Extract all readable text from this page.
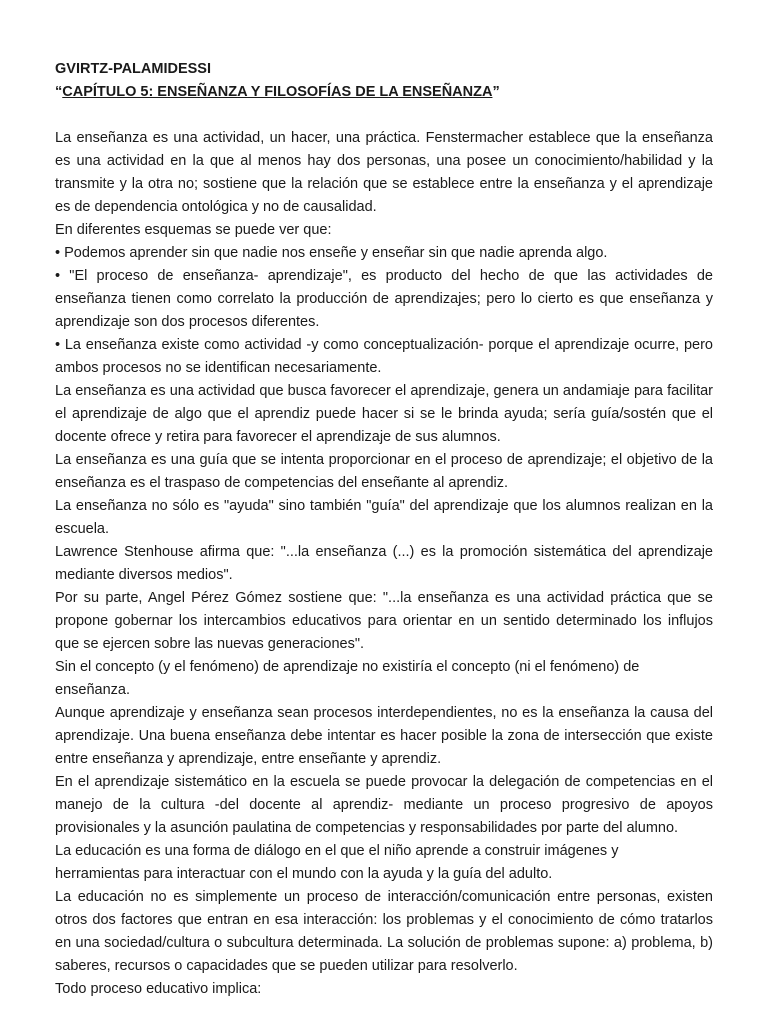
GVIRTZ-PALAMIDESSI

“CAPÍTULO 5: ENSEÑANZA Y FILOSOFÍAS DE LA ENSEÑANZA”

La enseñanza es una actividad, un hacer, una práctica. Fenstermacher establece que la enseñanza es una actividad en la que al menos hay dos personas, una posee un conocimiento/habilidad y la transmite y la otra no; sostiene que la relación que se establece entre la enseñanza y el aprendizaje es de dependencia ontológica y no de causalidad.

En diferentes esquemas se puede ver que:

• Podemos aprender sin que nadie nos enseñe y enseñar sin que nadie aprenda algo.

• "El proceso de enseñanza- aprendizaje", es producto del hecho de que las actividades de enseñanza tienen como correlato la producción de aprendizajes; pero lo cierto es que enseñanza y aprendizaje son dos procesos diferentes.

• La enseñanza existe como actividad -y como conceptualización- porque el aprendizaje ocurre, pero ambos procesos no se identifican necesariamente.

La enseñanza es una actividad que busca favorecer el aprendizaje, genera un andamiaje para facilitar el aprendizaje de algo que el aprendiz puede hacer si se le brinda ayuda; sería guía/sostén que el docente ofrece y retira para favorecer el aprendizaje de sus alumnos.

La enseñanza es una guía que se intenta proporcionar en el proceso de aprendizaje; el objetivo de la enseñanza es el traspaso de competencias del enseñante al aprendiz.

La enseñanza no sólo es "ayuda" sino también "guía" del aprendizaje que los alumnos realizan en la escuela.

Lawrence Stenhouse afirma que: "...la enseñanza (...) es la promoción sistemática del aprendizaje mediante diversos medios".

Por su parte, Angel Pérez Gómez sostiene que: "...la enseñanza es una actividad práctica que se propone gobernar los intercambios educativos para orientar en un sentido determinado los influjos que se ejercen sobre las nuevas generaciones".

Sin el concepto (y el fenómeno) de aprendizaje no existiría el concepto (ni el fenómeno) de enseñanza.

Aunque aprendizaje y enseñanza sean procesos interdependientes, no es la enseñanza la causa del aprendizaje. Una buena enseñanza debe intentar es hacer posible la zona de intersección que existe entre enseñanza y aprendizaje, entre enseñante y aprendiz.

En el aprendizaje sistemático en la escuela se puede provocar la delegación de competencias en el manejo de la cultura -del docente al aprendiz- mediante un proceso progresivo de apoyos provisionales y la asunción paulatina de competencias y responsabilidades por parte del alumno.

La educación es una forma de diálogo en el que el niño aprende a construir imágenes y

herramientas para interactuar con el mundo con la ayuda y la guía del adulto.

La educación no es simplemente un proceso de interacción/comunicación entre personas, existen otros dos factores que entran en esa interacción: los problemas y el conocimiento de cómo tratarlos en una sociedad/cultura o subcultura determinada. La solución de problemas supone: a) problema, b) saberes, recursos o capacidades que se pueden utilizar para resolverlo.

Todo proceso educativo implica:
